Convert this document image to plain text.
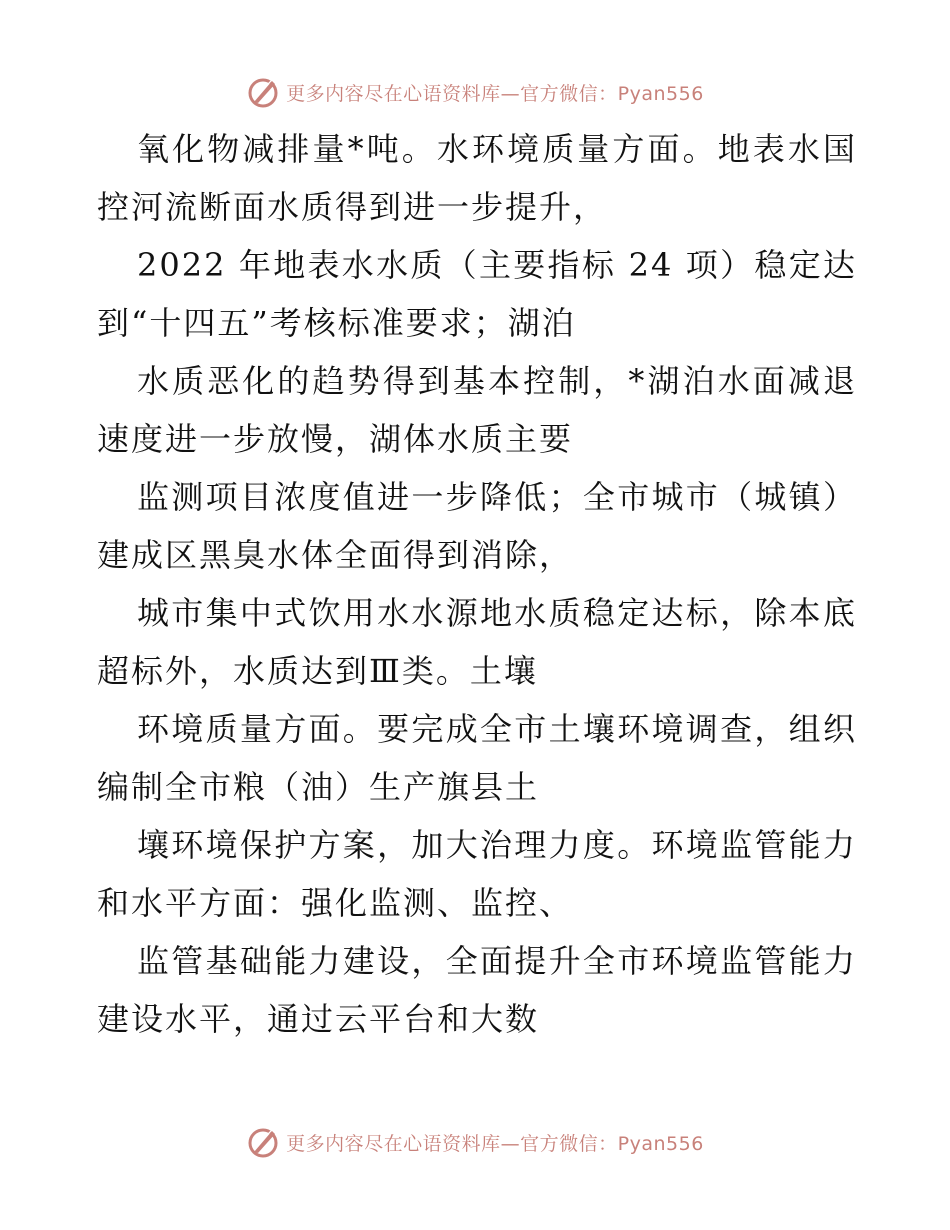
更多内容尽在心语资料库—官方微信：Pyan556

氧化物减排量*吨。水环境质量方面。地表水国控河流断面水质得到进一步提升，

2022 年地表水水质（主要指标 24 项）稳定达到“十四五”考核标准要求；湖泊

水质恶化的趋势得到基本控制，*湖泊水面减退速度进一步放慢，湖体水质主要

监测项目浓度值进一步降低；全市城市（城镇）建成区黑臭水体全面得到消除，

城市集中式饮用水水源地水质稳定达标，除本底超标外，水质达到Ⅲ类。土壤

环境质量方面。要完成全市土壤环境调查，组织编制全市粮（油）生产旗县土

壤环境保护方案，加大治理力度。环境监管能力和水平方面：强化监测、监控、

监管基础能力建设，全面提升全市环境监管能力建设水平，通过云平台和大数

更多内容尽在心语资料库—官方微信：Pyan556
